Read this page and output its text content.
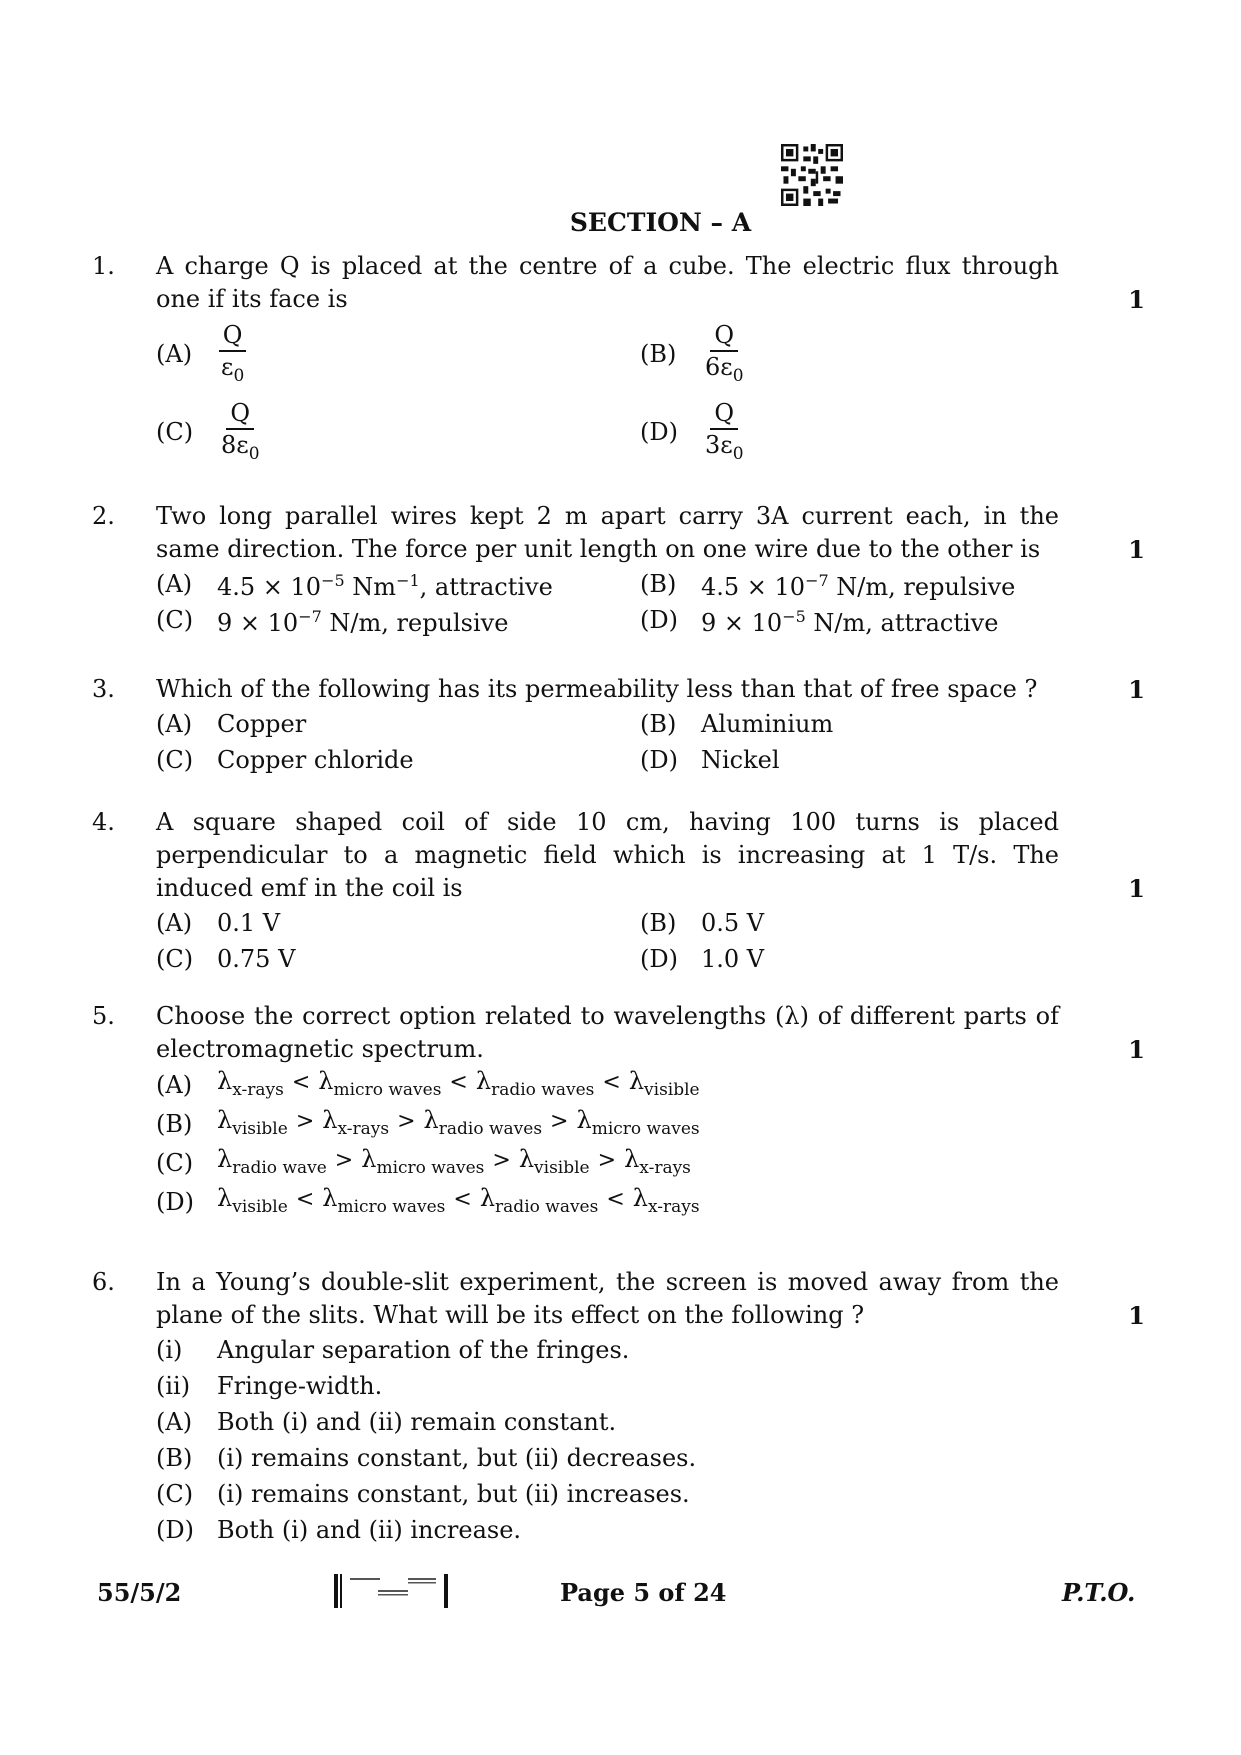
SECTION – A
1. A charge Q is placed at the centre of a cube. The electric flux through one if its face is	1
(A)	$\frac{Q}{\varepsilon_0}$	(B)	$\frac{Q}{6\varepsilon_0}$
$(C) \frac{Q}{8\varepsilon_0}$	$(D) \frac{Q}{3\varepsilon_0}$
2. Two long parallel wires kept 2 m apart carry 3A current each, in the same direction. The force per unit length on one wire due to the other is	1
(A)	$4.5 \times 10^{-5}$ $Nm^{-1}$, attractive	(B)	$4.5 \times 10^{-7}$ N/m, repulsive
(C) $9 \times 10^{-7}$ N/m, repulsive	(D) $9 \times 10^{-5}$ N/m, attractive
3. Which of the following has its permeability less than that of free space ?	1
(A)	Copper	(B)	Aluminium
(C) Copper chloride	(D) Nickel
4. A square shaped coil of side 10 cm, having 100 turns is placed perpendicular to a magnetic field which is increasing at 1 T/s. The induced emf in the coil is	1
(A)	0.1 V	(B)	0.5 V
(C) 0.75 V	(D) 1.0 V
5. Choose the correct option related to wavelengths (λ) of different parts of electromagnetic spectrum.	1
(A)	$\lambda_{x-rays} < \lambda_{micro waves} < \lambda_{radio waves} < \lambda_{visible}$
(B)	$\lambda_{visible} > \lambda_{x-rays} > \lambda_{radio waves} > \lambda_{micro waves}$
(C) $\lambda_{radio wave} > \lambda_{micro waves} > \lambda_{visible} > \lambda_{x-rays}$
(D) $\lambda_{visible} < \lambda_{micro waves} < \lambda_{radio waves} < \lambda_{x-rays}$
6. In a Young’s double-slit experiment, the screen is moved away from the plane of the slits. What will be its effect on the following ?	1
(i)	Angular separation of the fringes.
(ii)	Fringe-width.
(A)	Both (i) and (ii) remain constant.
(B)	(i) remains constant, but (ii) decreases.
(C) (i) remains constant, but (ii) increases.
(D) Both (i) and (ii) increase.
55/5/2	Page 5 of 24	P.T.O.
